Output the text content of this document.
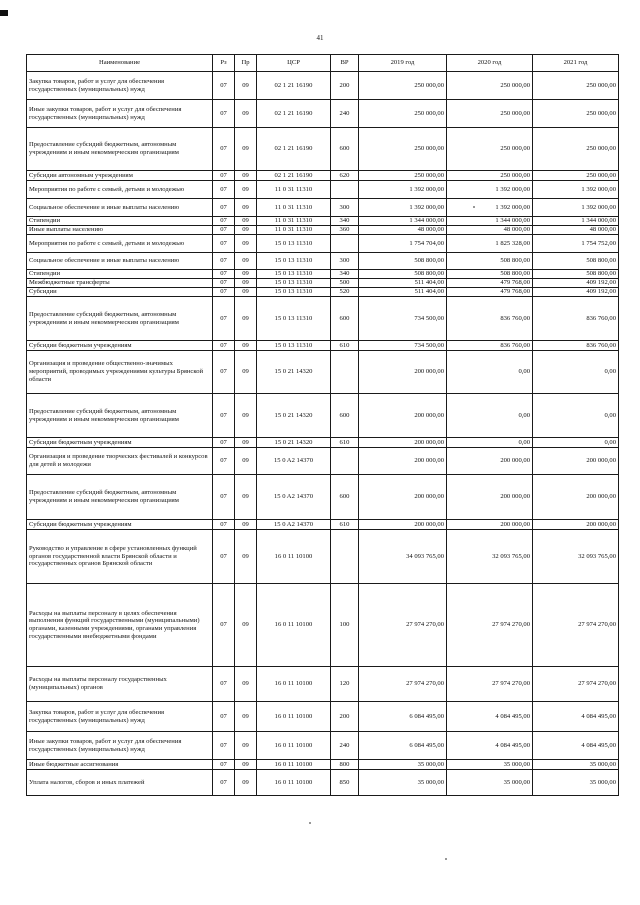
41
Наименование	Рз	Пр	ЦСР	ВР	2019 год	2020 год	2021 год
Закупка товаров, работ и услуг для обеспечения государственных (муниципальных) нужд	07	09	02 1 21 16190	200	250 000,00	250 000,00	250 000,00
Иные закупки товаров, работ и услуг для обеспечения государственных (муниципальных) нужд	07	09	02 1 21 16190	240	250 000,00	250 000,00	250 000,00
Предоставление субсидий бюджетным, автономным учреждениям и иным некоммерческим организациям	07	09	02 1 21 16190	600	250 000,00	250 000,00	250 000,00
Субсидии автономным учреждениям	07	09	02 1 21 16190	620	250 000,00	250 000,00	250 000,00
Мероприятия по работе с семьей, детьми и молодежью	07	09	11 0 31 11310		1 392 000,00	1 392 000,00	1 392 000,00
Социальное обеспечение и иные выплаты населению	07	09	11 0 31 11310	300	1 392 000,00	1 392 000,00	1 392 000,00
Стипендии	07	09	11 0 31 11310	340	1 344 000,00	1 344 000,00	1 344 000,00
Иные выплаты населению	07	09	11 0 31 11310	360	48 000,00	48 000,00	48 000,00
Мероприятия по работе с семьей, детьми и молодежью	07	09	15 0 13 11310		1 754 704,00	1 825 328,00	1 754 752,00
Социальное обеспечение и иные выплаты населению	07	09	15 0 13 11310	300	508 800,00	508 800,00	508 800,00
Стипендии	07	09	15 0 13 11310	340	508 800,00	508 800,00	508 800,00
Межбюджетные трансферты	07	09	15 0 13 11310	500	511 404,00	479 768,00	409 192,00
Субсидии	07	09	15 0 13 11310	520	511 404,00	479 768,00	409 192,00
Предоставление субсидий бюджетным, автономным учреждениям и иным некоммерческим организациям	07	09	15 0 13 11310	600	734 500,00	836 760,00	836 760,00
Субсидии бюджетным учреждениям	07	09	15 0 13 11310	610	734 500,00	836 760,00	836 760,00
Организация и проведение общественно-значимых мероприятий, проводимых учреждениями культуры Брянской области	07	09	15 0 21 14320		200 000,00	0,00	0,00
Предоставление субсидий бюджетным, автономным учреждениям и иным некоммерческим организациям	07	09	15 0 21 14320	600	200 000,00	0,00	0,00
Субсидии бюджетным учреждениям	07	09	15 0 21 14320	610	200 000,00	0,00	0,00
Организация и проведение творческих фестивалей и конкурсов для детей и молодежи	07	09	15 0 A2 14370		200 000,00	200 000,00	200 000,00
Предоставление субсидий бюджетным, автономным учреждениям и иным некоммерческим организациям	07	09	15 0 A2 14370	600	200 000,00	200 000,00	200 000,00
Субсидии бюджетным учреждениям	07	09	15 0 A2 14370	610	200 000,00	200 000,00	200 000,00
Руководство и управление в сфере установленных функций органов государственной власти Брянской области и государственных органов Брянской области	07	09	16 0 11 10100		34 093 765,00	32 093 765,00	32 093 765,00
Расходы на выплаты персоналу в целях обеспечения выполнения функций государственными (муниципальными) органами, казенными учреждениями, органами управления государственными внебюджетными фондами	07	09	16 0 11 10100	100	27 974 270,00	27 974 270,00	27 974 270,00
Расходы на выплаты персоналу государственных (муниципальных) органов	07	09	16 0 11 10100	120	27 974 270,00	27 974 270,00	27 974 270,00
Закупка товаров, работ и услуг для обеспечения государственных (муниципальных) нужд	07	09	16 0 11 10100	200	6 084 495,00	4 084 495,00	4 084 495,00
Иные закупки товаров, работ и услуг для обеспечения государственных (муниципальных) нужд	07	09	16 0 11 10100	240	6 084 495,00	4 084 495,00	4 084 495,00
Иные бюджетные ассигнования	07	09	16 0 11 10100	800	35 000,00	35 000,00	35 000,00
Уплата налогов, сборов и иных платежей	07	09	16 0 11 10100	850	35 000,00	35 000,00	35 000,00
